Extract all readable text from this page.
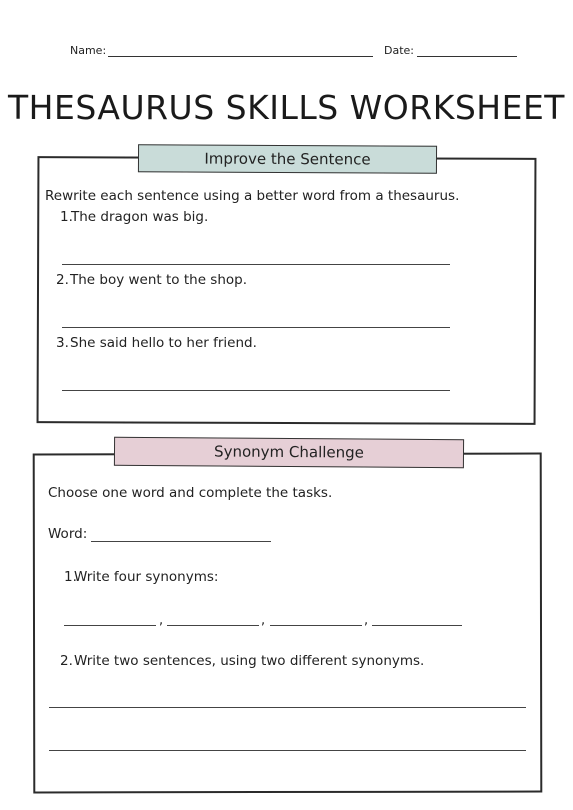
Name:	Date:
THESAURUS SKILLS WORKSHEET
Improve the Sentence
Rewrite each sentence using a better word from a thesaurus.
1.
The dragon was big.
2. The boy went to the shop.
3. She said hello to her friend.
Synonym Challenge
Choose one word and complete the tasks.
Word:
1.
Write four synonyms:
,	,	,
2. Write two sentences, using two different synonyms.
